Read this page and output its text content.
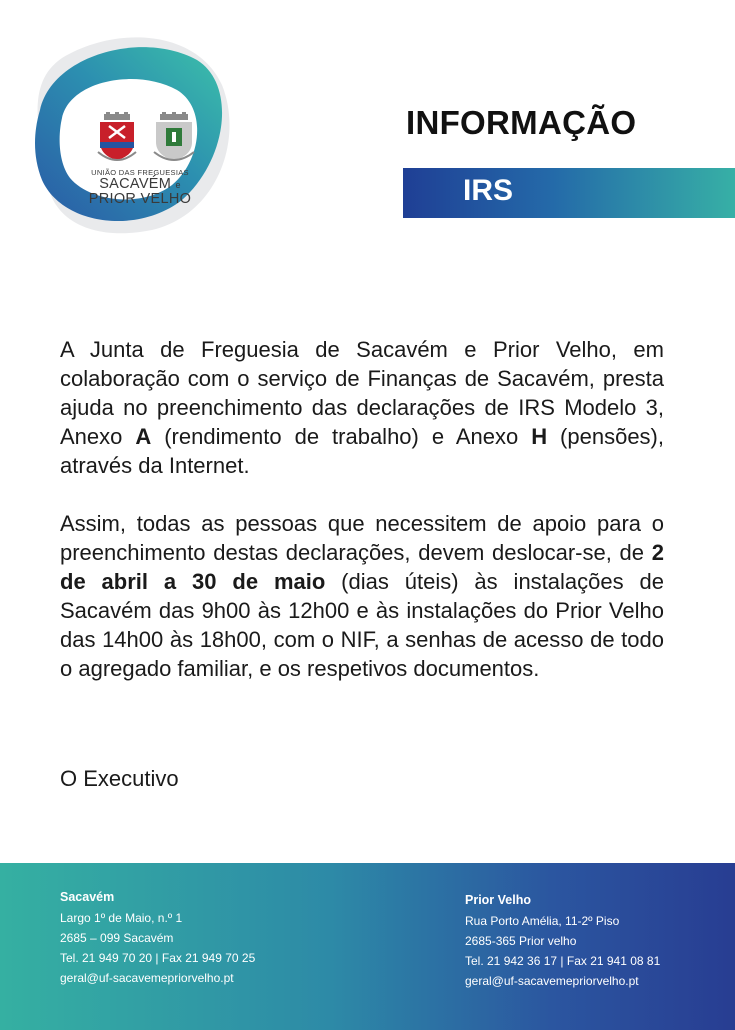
UNIÃO DAS FREGUESIAS
SACAVÉM e
PRIOR VELHO
INFORMAÇÃO
IRS

A Junta de Freguesia de Sacavém e Prior Velho, em colaboração com o serviço de Finanças de Sacavém, presta ajuda no preenchimento das declarações de IRS Modelo 3, Anexo A (rendimento de trabalho) e Anexo H (pensões), através da Internet.

Assim, todas as pessoas que necessitem de apoio para o preenchimento destas declarações, devem deslocar-se, de 2 de abril a 30 de maio (dias úteis) às instalações de Sacavém das 9h00 às 12h00 e às instalações do Prior Velho das 14h00 às 18h00, com o NIF, a senhas de acesso de todo o agregado familiar, e os respetivos documentos.

O Executivo
Sacavém
Largo 1º de Maio, n.º 1
2685 – 099 Sacavém
Tel. 21 949 70 20 | Fax 21 949 70 25
geral@uf-sacavemepriorvelho.pt
Prior Velho
Rua Porto Amélia, 11-2º Piso
2685-365 Prior velho
Tel. 21 942 36 17 | Fax 21 941 08 81
geral@uf-sacavemepriorvelho.pt
